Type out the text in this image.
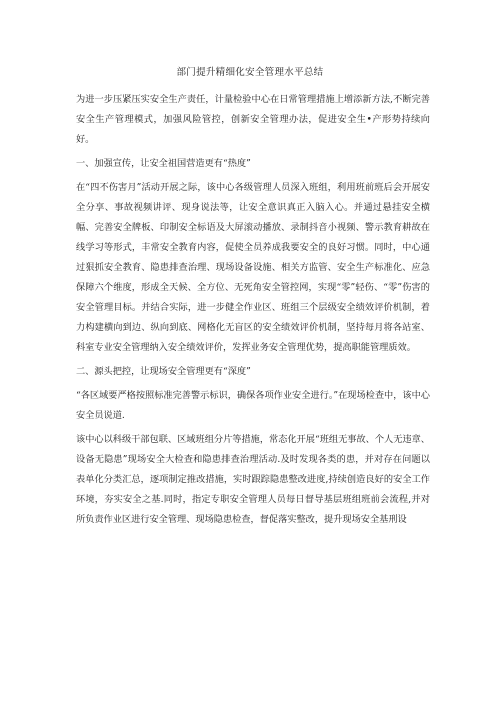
部门提升精细化安全管理水平总结

为进一步压紧压实安全生产责任，计量检验中心在日常管理措施上增添新方法,不断完善安全生产管理模式，加强风险管控，创新安全管理办法，促进安全生•产形势持续向好。

一、加强宣传，让安全祖国营造更有“热度”

在“四不伤害月”活动开展之际，该中心各级管理人员深入班组，利用班前班后会开展安全分享、事故视频讲评、现身说法等，让安全意识真正入脑入心。并通过悬挂安全横幅、完善安全牌板、印制安全标语及大屏滚动播放、录制抖音小视频、警示教育耕故在线学习等形式，丰常安全教育内容，促使全员养成我要安全的良好习惯。同时，中心通过狠抓安全教育、隐患排查治理、现场设备设施、相关方监管、安全生产标准化、应急保障六个维度，形成全天候、全方位、无死角安全管控网，实现“零”轻伤、“零”伤害的安全管理目标。并结合实际，进一步健全作业区、班组三个层级安全绩效评价机制，着力构建横向到边、纵向到底、网格化无盲区的安全绩效评价机制，坚持每月将各站室、科室专业安全管理纳入安全绩效评价，发挥业务安全管理优势，提高职能管理质效。

二、源头把控，让现场安全管理更有“深度”

“各区域要严格按照标准完善警示标识，确保各项作业安全进行。”在现场检查中，该中心安全员说道.

该中心以科级干部包联、区域班组分片等措施，常态化开展“班组无事故、个人无违章、设备无隐患”现场安全大检查和隐患排查治理活动.及时发现各类的患，并对存在问题以表单化分类汇总，逐项制定推改措施，实时跟踪隐患整改进度,持续创造良好的安全工作环境，夯实安全之基.同时，指定专职安全管理人员每日督导基层班组班前会流程,并对所负责作业区进行安全管理、现场隐患检查，督促落实整改，提升现场安全基刑设
